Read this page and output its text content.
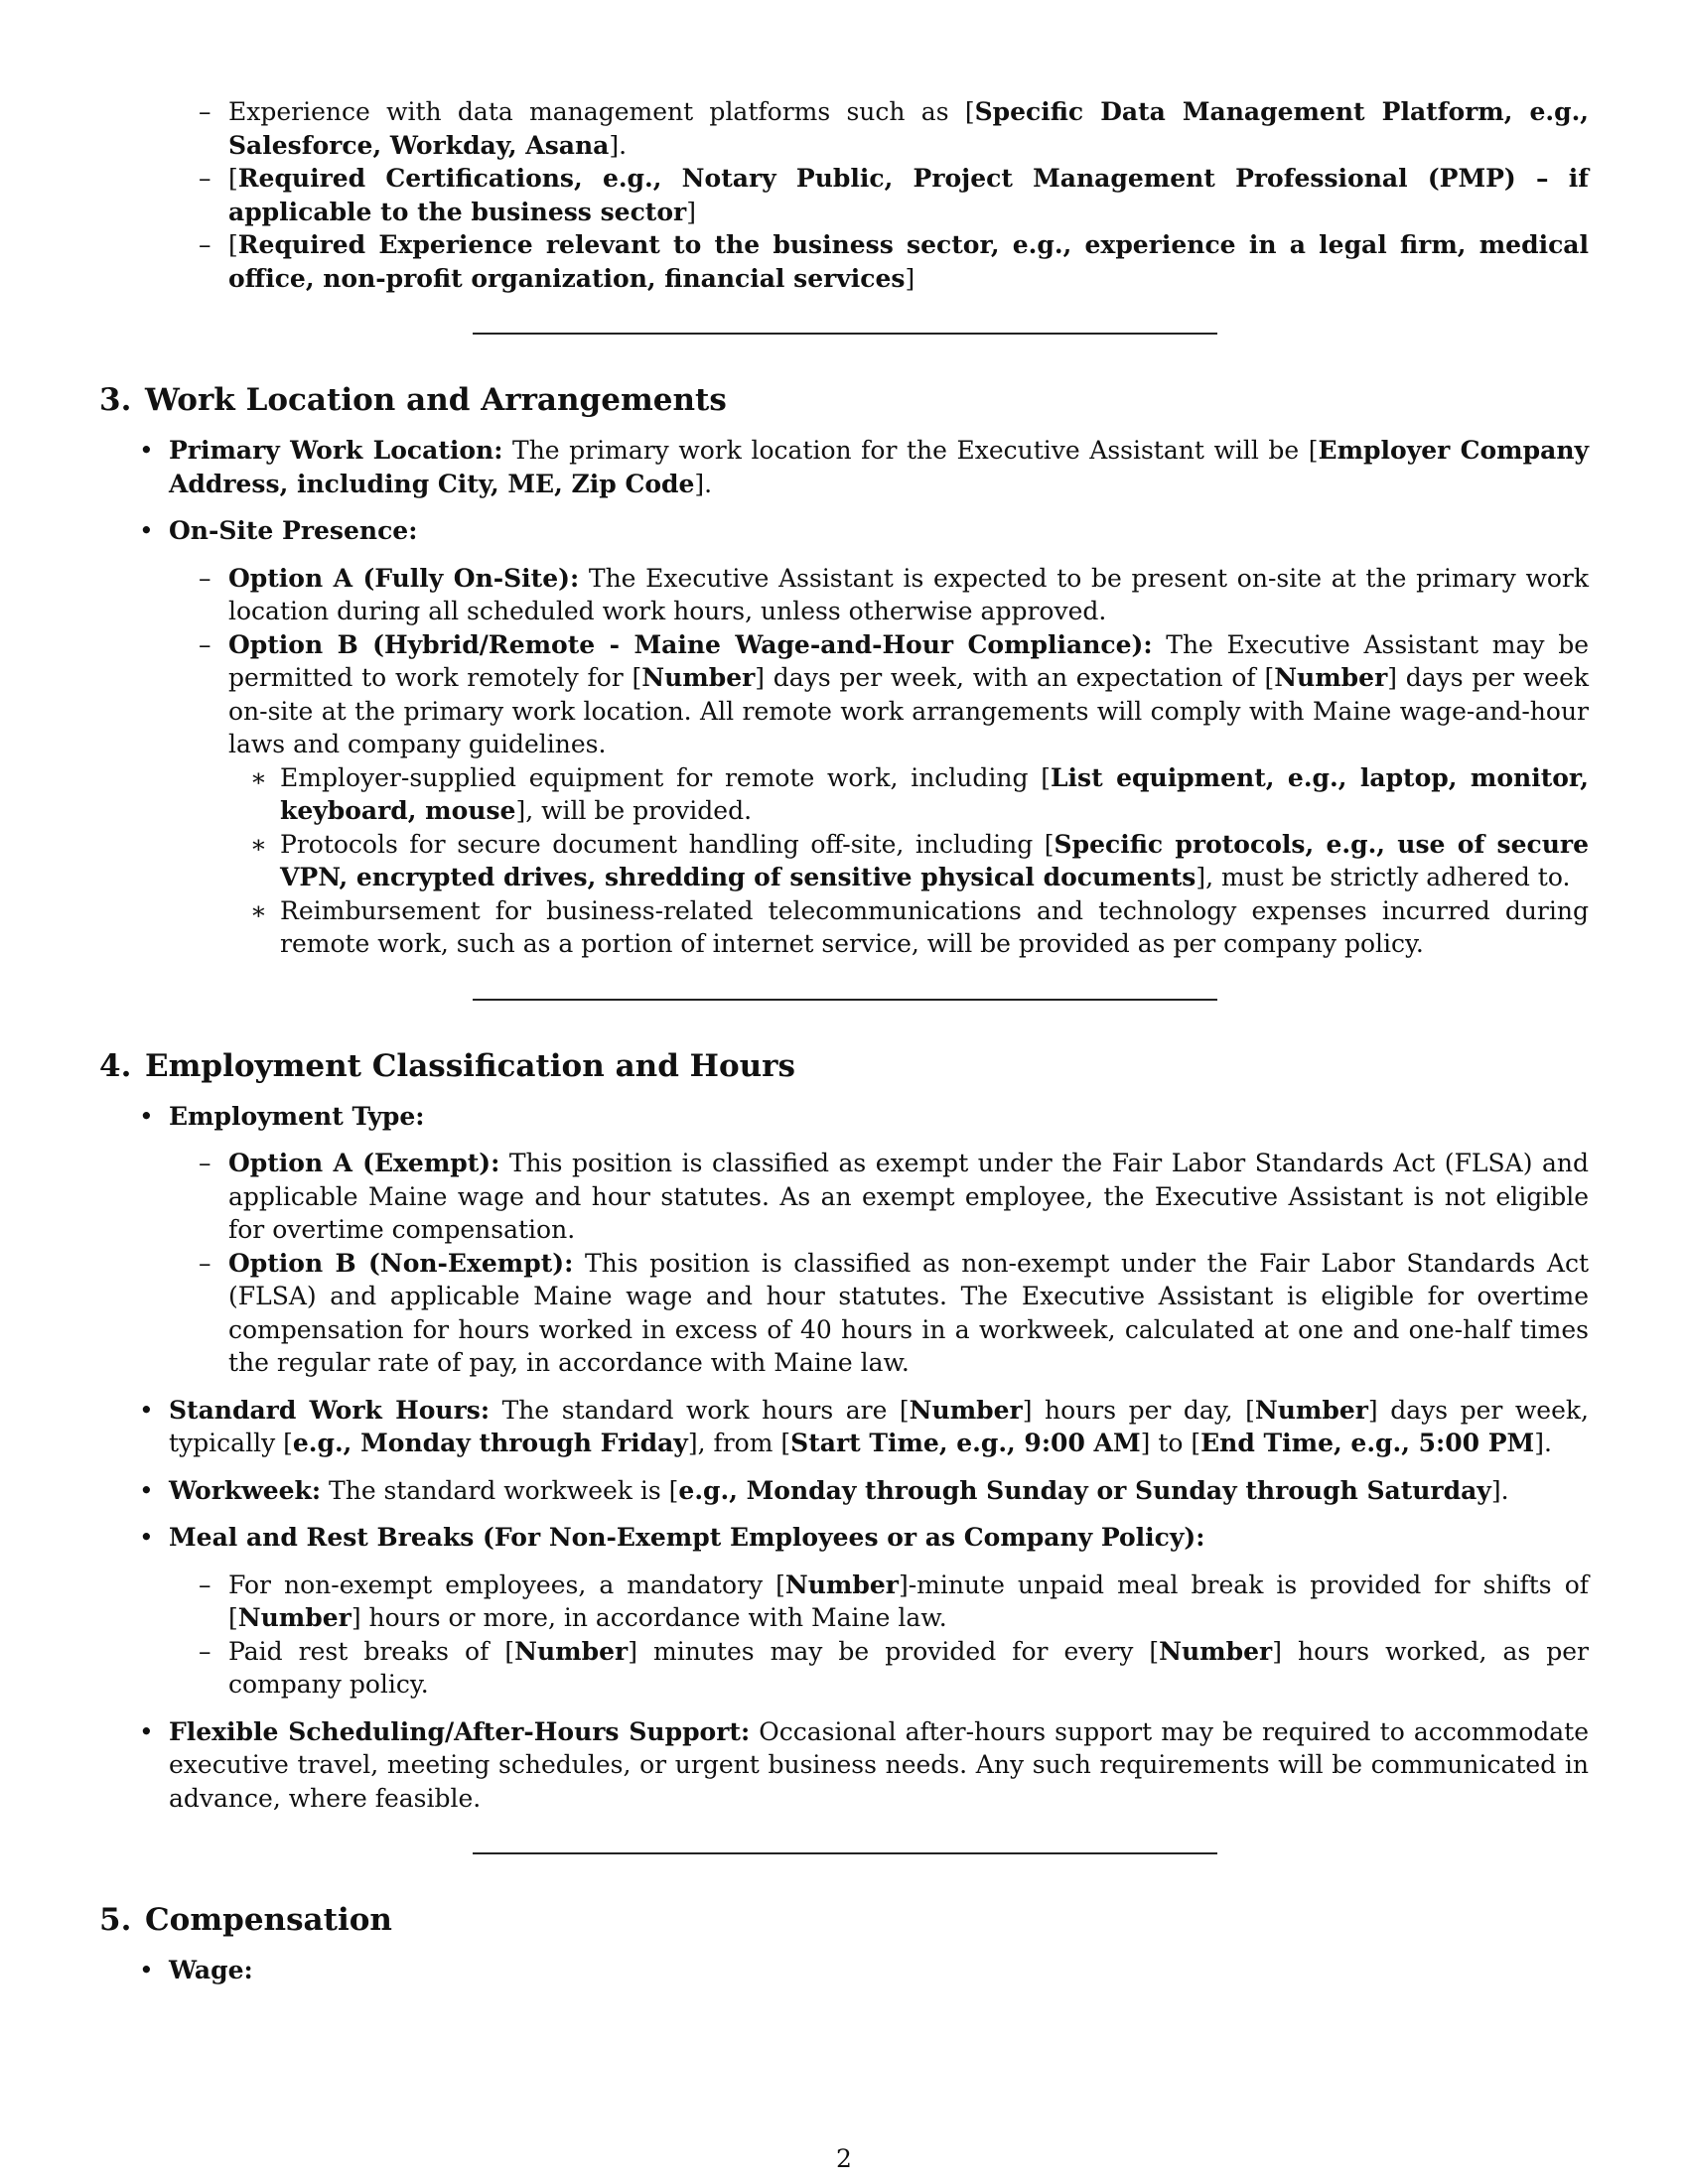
– Experience with data management platforms such as [Specific Data Management Platform, e.g., Salesforce, Workday, Asana].
– [Required Certifications, e.g., Notary Public, Project Management Professional (PMP) – if applicable to the business sector]
– [Required Experience relevant to the business sector, e.g., experience in a legal firm, medical office, non-profit organization, financial services]
3. Work Location and Arrangements
• Primary Work Location: The primary work location for the Executive Assistant will be [Employer Company Address, including City, ME, Zip Code].
• On-Site Presence:
– Option A (Fully On-Site): The Executive Assistant is expected to be present on-site at the primary work location during all scheduled work hours, unless otherwise approved.
– Option B (Hybrid/Remote - Maine Wage-and-Hour Compliance): The Executive Assistant may be permitted to work remotely for [Number] days per week, with an expectation of [Number] days per week on-site at the primary work location. All remote work arrangements will comply with Maine wage-and-hour laws and company guidelines.
∗ Employer-supplied equipment for remote work, including [List equipment, e.g., laptop, monitor, keyboard, mouse], will be provided.
∗ Protocols for secure document handling off-site, including [Specific protocols, e.g., use of secure VPN, encrypted drives, shredding of sensitive physical documents], must be strictly adhered to.
∗ Reimbursement for business-related telecommunications and technology expenses incurred during remote work, such as a portion of internet service, will be provided as per company policy.
4. Employment Classification and Hours
• Employment Type:
– Option A (Exempt): This position is classified as exempt under the Fair Labor Standards Act (FLSA) and applicable Maine wage and hour statutes. As an exempt employee, the Executive Assistant is not eligible for overtime compensation.
– Option B (Non-Exempt): This position is classified as non-exempt under the Fair Labor Standards Act (FLSA) and applicable Maine wage and hour statutes. The Executive Assistant is eligible for overtime compensation for hours worked in excess of 40 hours in a workweek, calculated at one and one-half times the regular rate of pay, in accordance with Maine law.
• Standard Work Hours: The standard work hours are [Number] hours per day, [Number] days per week, typically [e.g., Monday through Friday], from [Start Time, e.g., 9:00 AM] to [End Time, e.g., 5:00 PM].
• Workweek: The standard workweek is [e.g., Monday through Sunday or Sunday through Saturday].
• Meal and Rest Breaks (For Non-Exempt Employees or as Company Policy):
– For non-exempt employees, a mandatory [Number]-minute unpaid meal break is provided for shifts of [Number] hours or more, in accordance with Maine law.
– Paid rest breaks of [Number] minutes may be provided for every [Number] hours worked, as per company policy.
• Flexible Scheduling/After-Hours Support: Occasional after-hours support may be required to accommodate executive travel, meeting schedules, or urgent business needs. Any such requirements will be communicated in advance, where feasible.
5. Compensation
• Wage:
2
